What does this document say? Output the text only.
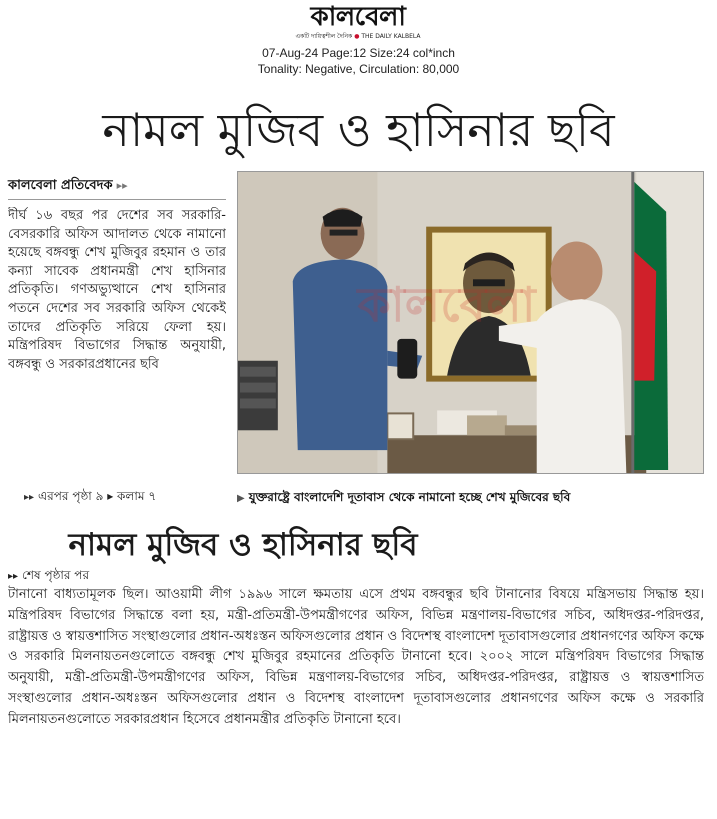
কালবেলা
একটি দায়িত্বশীল দৈনিক ● THE DAILY KALBELA
07-Aug-24 Page:12 Size:24 col*inch
Tonality: Negative, Circulation: 80,000
নামল মুজিব ও হাসিনার ছবি
কালবেলা প্রতিবেদক ▸▸
দীর্ঘ ১৬ বছর পর দেশের সব সরকারি-বেসরকারি অফিস আদালত থেকে নামানো হয়েছে বঙ্গবন্ধু শেখ মুজিবুর রহমান ও তার কন্যা সাবেক প্রধানমন্ত্রী শেখ হাসিনার প্রতিকৃতি। গণঅভ্যুত্থানে শেখ হাসিনার পতনে দেশের সব সরকারি অফিস থেকেই তাদের প্রতিকৃতি সরিয়ে ফেলা হয়। মন্ত্রিপরিষদ বিভাগের সিদ্ধান্ত অনুযায়ী, বঙ্গবন্ধু ও সরকারপ্রধানের ছবি
কালবেলা
▸▸ এরপর পৃষ্ঠা ৯ ▸ কলাম ৭	▶ যুক্তরাষ্ট্রে বাংলাদেশি দূতাবাস থেকে নামানো হচ্ছে শেখ মুজিবের ছবি
নামল মুজিব ও হাসিনার ছবি
▸▸ শেষ পৃষ্ঠার পর
টানানো বাধ্যতামূলক ছিল। আওয়ামী লীগ ১৯৯৬ সালে ক্ষমতায় এসে প্রথম বঙ্গবন্ধুর ছবি টানানোর বিষয়ে মন্ত্রিসভায় সিদ্ধান্ত হয়। মন্ত্রিপরিষদ বিভাগের সিদ্ধান্তে বলা হয়, মন্ত্রী-প্রতিমন্ত্রী-উপমন্ত্রীগণের অফিস, বিভিন্ন মন্ত্রণালয়-বিভাগের সচিব, অধিদপ্তর-পরিদপ্তর, রাষ্ট্রায়ত্ত ও স্বায়ত্তশাসিত সংস্থাগুলোর প্রধান-অধঃস্তন অফিসগুলোর প্রধান ও বিদেশস্থ বাংলাদেশ দূতাবাসগুলোর প্রধানগণের অফিস কক্ষে ও সরকারি মিলনায়তনগুলোতে বঙ্গবন্ধু শেখ মুজিবুর রহমানের প্রতিকৃতি টানানো হবে। ২০০২ সালে মন্ত্রিপরিষদ বিভাগের সিদ্ধান্ত অনুযায়ী, মন্ত্রী-প্রতিমন্ত্রী-উপমন্ত্রীগণের অফিস, বিভিন্ন মন্ত্রণালয়-বিভাগের সচিব, অধিদপ্তর-পরিদপ্তর, রাষ্ট্রায়ত্ত ও স্বায়ত্তশাসিত সংস্থাগুলোর প্রধান-অধঃস্তন অফিসগুলোর প্রধান ও বিদেশস্থ বাংলাদেশ দূতাবাসগুলোর প্রধানগণের অফিস কক্ষে ও সরকারি মিলনায়তনগুলোতে সরকারপ্রধান হিসেবে প্রধানমন্ত্রীর প্রতিকৃতি টানানো হবে।
